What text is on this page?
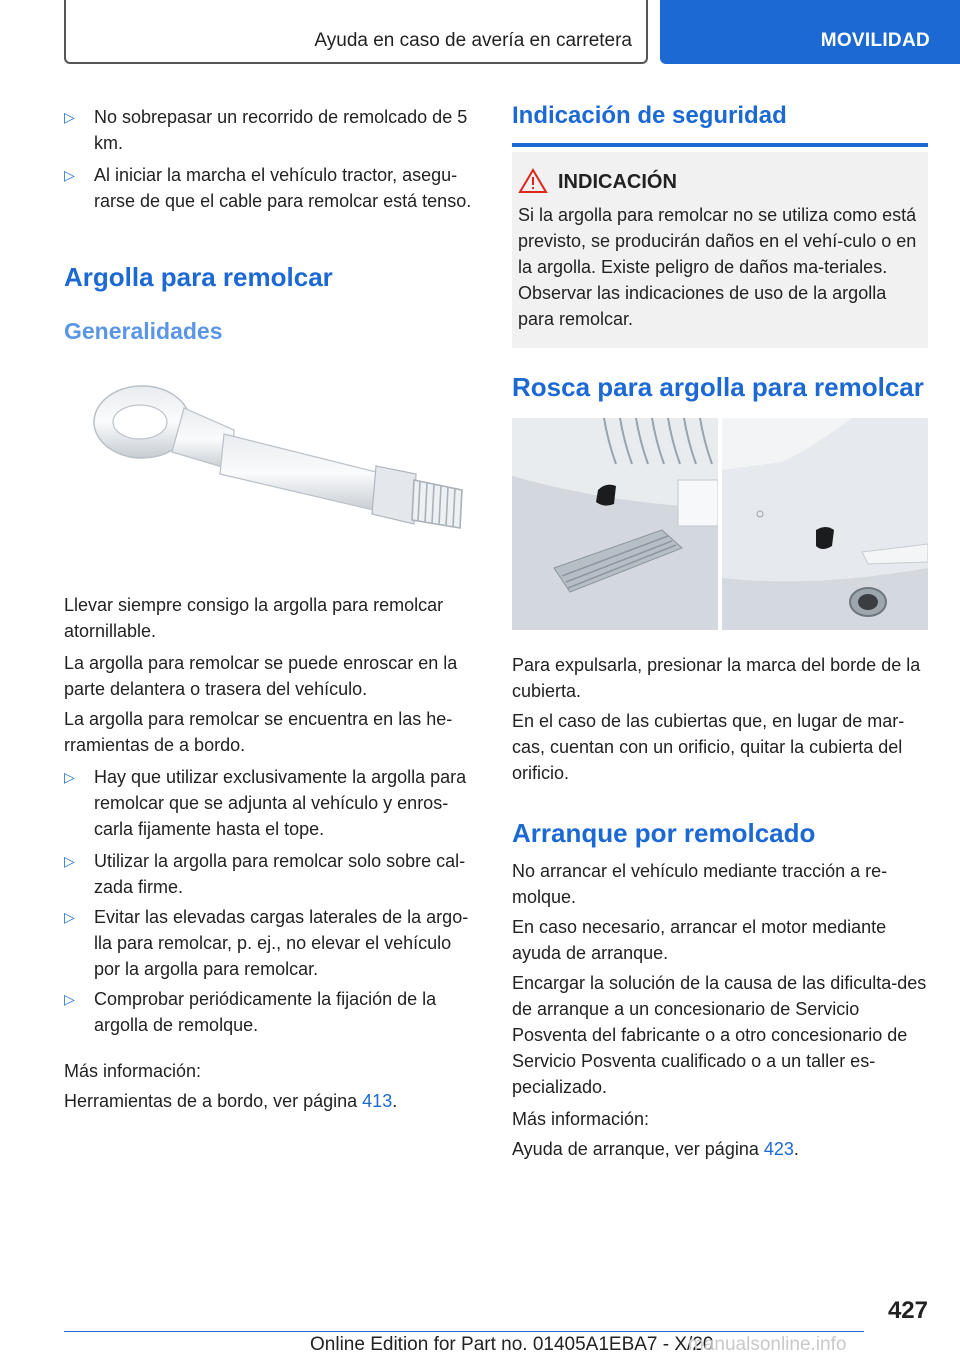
Ayuda en caso de avería en carretera	MOVILIDAD
▷ No sobrepasar un recorrido de remolcado de 5 km.
▷ Al iniciar la marcha el vehículo tractor, asegu-rarse de que el cable para remolcar está tenso.
Argolla para remolcar
Generalidades

Llevar siempre consigo la argolla para remolcar atornillable.

La argolla para remolcar se puede enroscar en la parte delantera o trasera del vehículo.

La argolla para remolcar se encuentra en las he-rramientas de a bordo.

▷ Hay que utilizar exclusivamente la argolla para remolcar que se adjunta al vehículo y enros-carla fijamente hasta el tope.
▷ Utilizar la argolla para remolcar solo sobre cal-zada firme.
▷ Evitar las elevadas cargas laterales de la argo-lla para remolcar, p. ej., no elevar el vehículo por la argolla para remolcar.
▷ Comprobar periódicamente la fijación de la argolla de remolque.

Más información:

Herramientas de a bordo, ver página 413.

Indicación de seguridad
INDICACIÓN

Si la argolla para remolcar no se utiliza como está previsto, se producirán daños en el vehí-culo o en la argolla. Existe peligro de daños ma-teriales. Observar las indicaciones de uso de la argolla para remolcar.

Rosca para argolla para remolcar

Para expulsarla, presionar la marca del borde de la cubierta.

En el caso de las cubiertas que, en lugar de mar-cas, cuentan con un orificio, quitar la cubierta del orificio.

Arranque por remolcado

No arrancar el vehículo mediante tracción a re-molque.

En caso necesario, arrancar el motor mediante ayuda de arranque.

Encargar la solución de la causa de las dificulta-des de arranque a un concesionario de Servicio Posventa del fabricante o a otro concesionario de Servicio Posventa cualificado o a un taller es-pecializado.

Más información:

Ayuda de arranque, ver página 423.

427
Online Edition for Part no. 01405A1EBA7 - X/20
manualsonline.info
